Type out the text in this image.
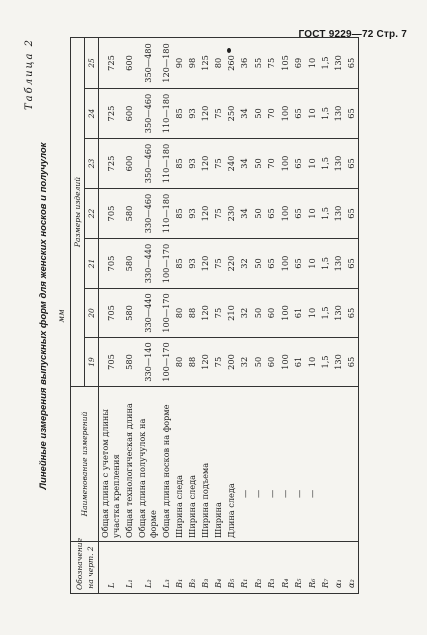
ГОСТ 9229—72 Стр. 7
Таблица 2
Линейные измерения выпускных форм для женских носков и получулок мм
Обозначение на черт. 2	Наименование измерений	Размеры изделий						
		19	20	21	22	23	24	25
L	Общая длина с учетом длины участка крепления	705	705	705	705	725	725	725
L₁	Общая технологическая длина	580	580	580	580	600	600	600
L₂	Общая длина получулок на форме	330—140	330—440	330—440	330—460	350—460	350—460	350—480
L₃	Общая длина носков на форме	100—170	100—170	100—170	110—180	110—180	110—180	120—180
B₁	Ширина следа	80	80	85	85	85	85	90
B₂	Ширина следа	88	88	93	93	93	93	98
B₃	Ширина подъема	120	120	120	120	120	120	125
B₄	Ширина	75	75	75	75	75	75	80
B₅	Длина следа	200	210	220	230	240	250	260
R₁	—	32	32	32	34	34	34	36
R₂	—	50	50	50	50	50	50	55
R₃	—	60	60	65	65	70	70	75
R₄	—	100	100	100	100	100	100	105
R₅	—	61	61	65	65	65	65	69
R₆	—	10	10	10	10	10	10	10
R₇		1,5	1,5	1,5	1,5	1,5	1,5	1,5
α₁		130	130	130	130	130	130	130
α₂		65	65	65	65	65	65	65
